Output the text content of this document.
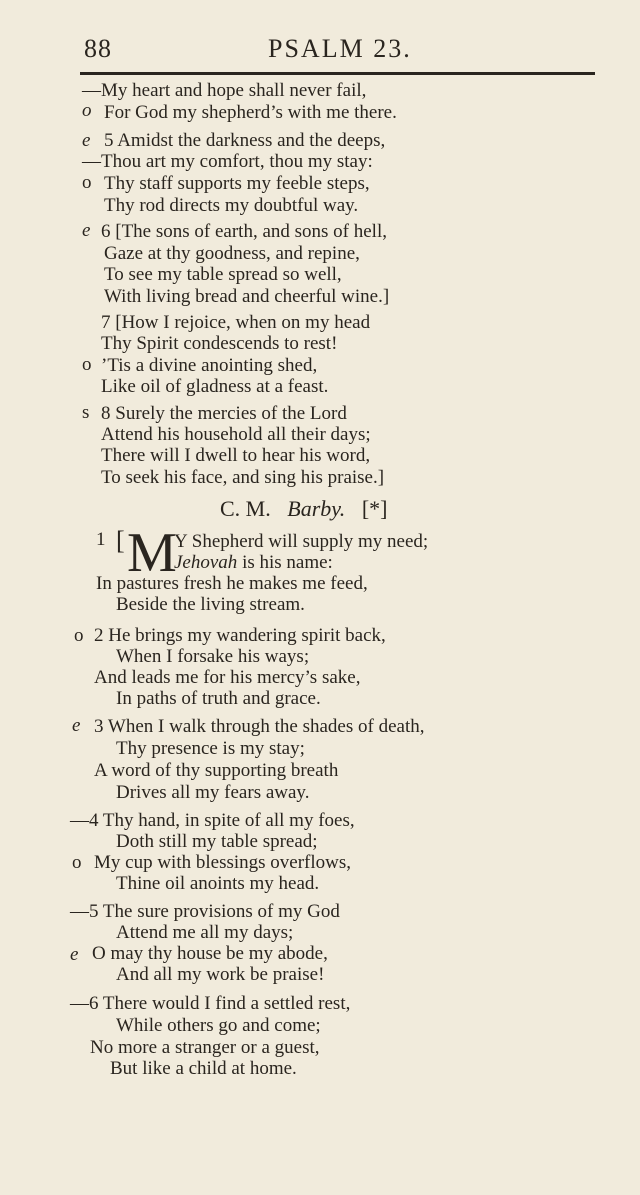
88	PSALM 23.
o
e
o
e
o
s
—My heart and hope shall never fail,
For God my shepherd’s with me there.
5 Amidst the darkness and the deeps,
—Thou art my comfort, thou my stay:
Thy staff supports my feeble steps,
Thy rod directs my doubtful way.
6 [The sons of earth, and sons of hell,
Gaze at thy goodness, and repine,
To see my table spread so well,
With living bread and cheerful wine.]
7 [How I rejoice, when on my head
Thy Spirit condescends to rest!
’Tis a divine anointing shed,
Like oil of gladness at a feast.
8 Surely the mercies of the Lord
Attend his household all their days;
There will I dwell to hear his word,
To seek his face, and sing his praise.]
C. M. Barby. [*]
1 [ M
Y Shepherd will supply my need;
Jehovah is his name:
In pastures fresh he makes me feed,
Beside the living stream.
o
e
o
e
2 He brings my wandering spirit back,
When I forsake his ways;
And leads me for his mercy’s sake,
In paths of truth and grace.
3 When I walk through the shades of death,
Thy presence is my stay;
A word of thy supporting breath
Drives all my fears away.
—4 Thy hand, in spite of all my foes,
Doth still my table spread;
My cup with blessings overflows,
Thine oil anoints my head.
—5 The sure provisions of my God
Attend me all my days;
O may thy house be my abode,
And all my work be praise!
—6 There would I find a settled rest,
While others go and come;
No more a stranger or a guest,
But like a child at home.
